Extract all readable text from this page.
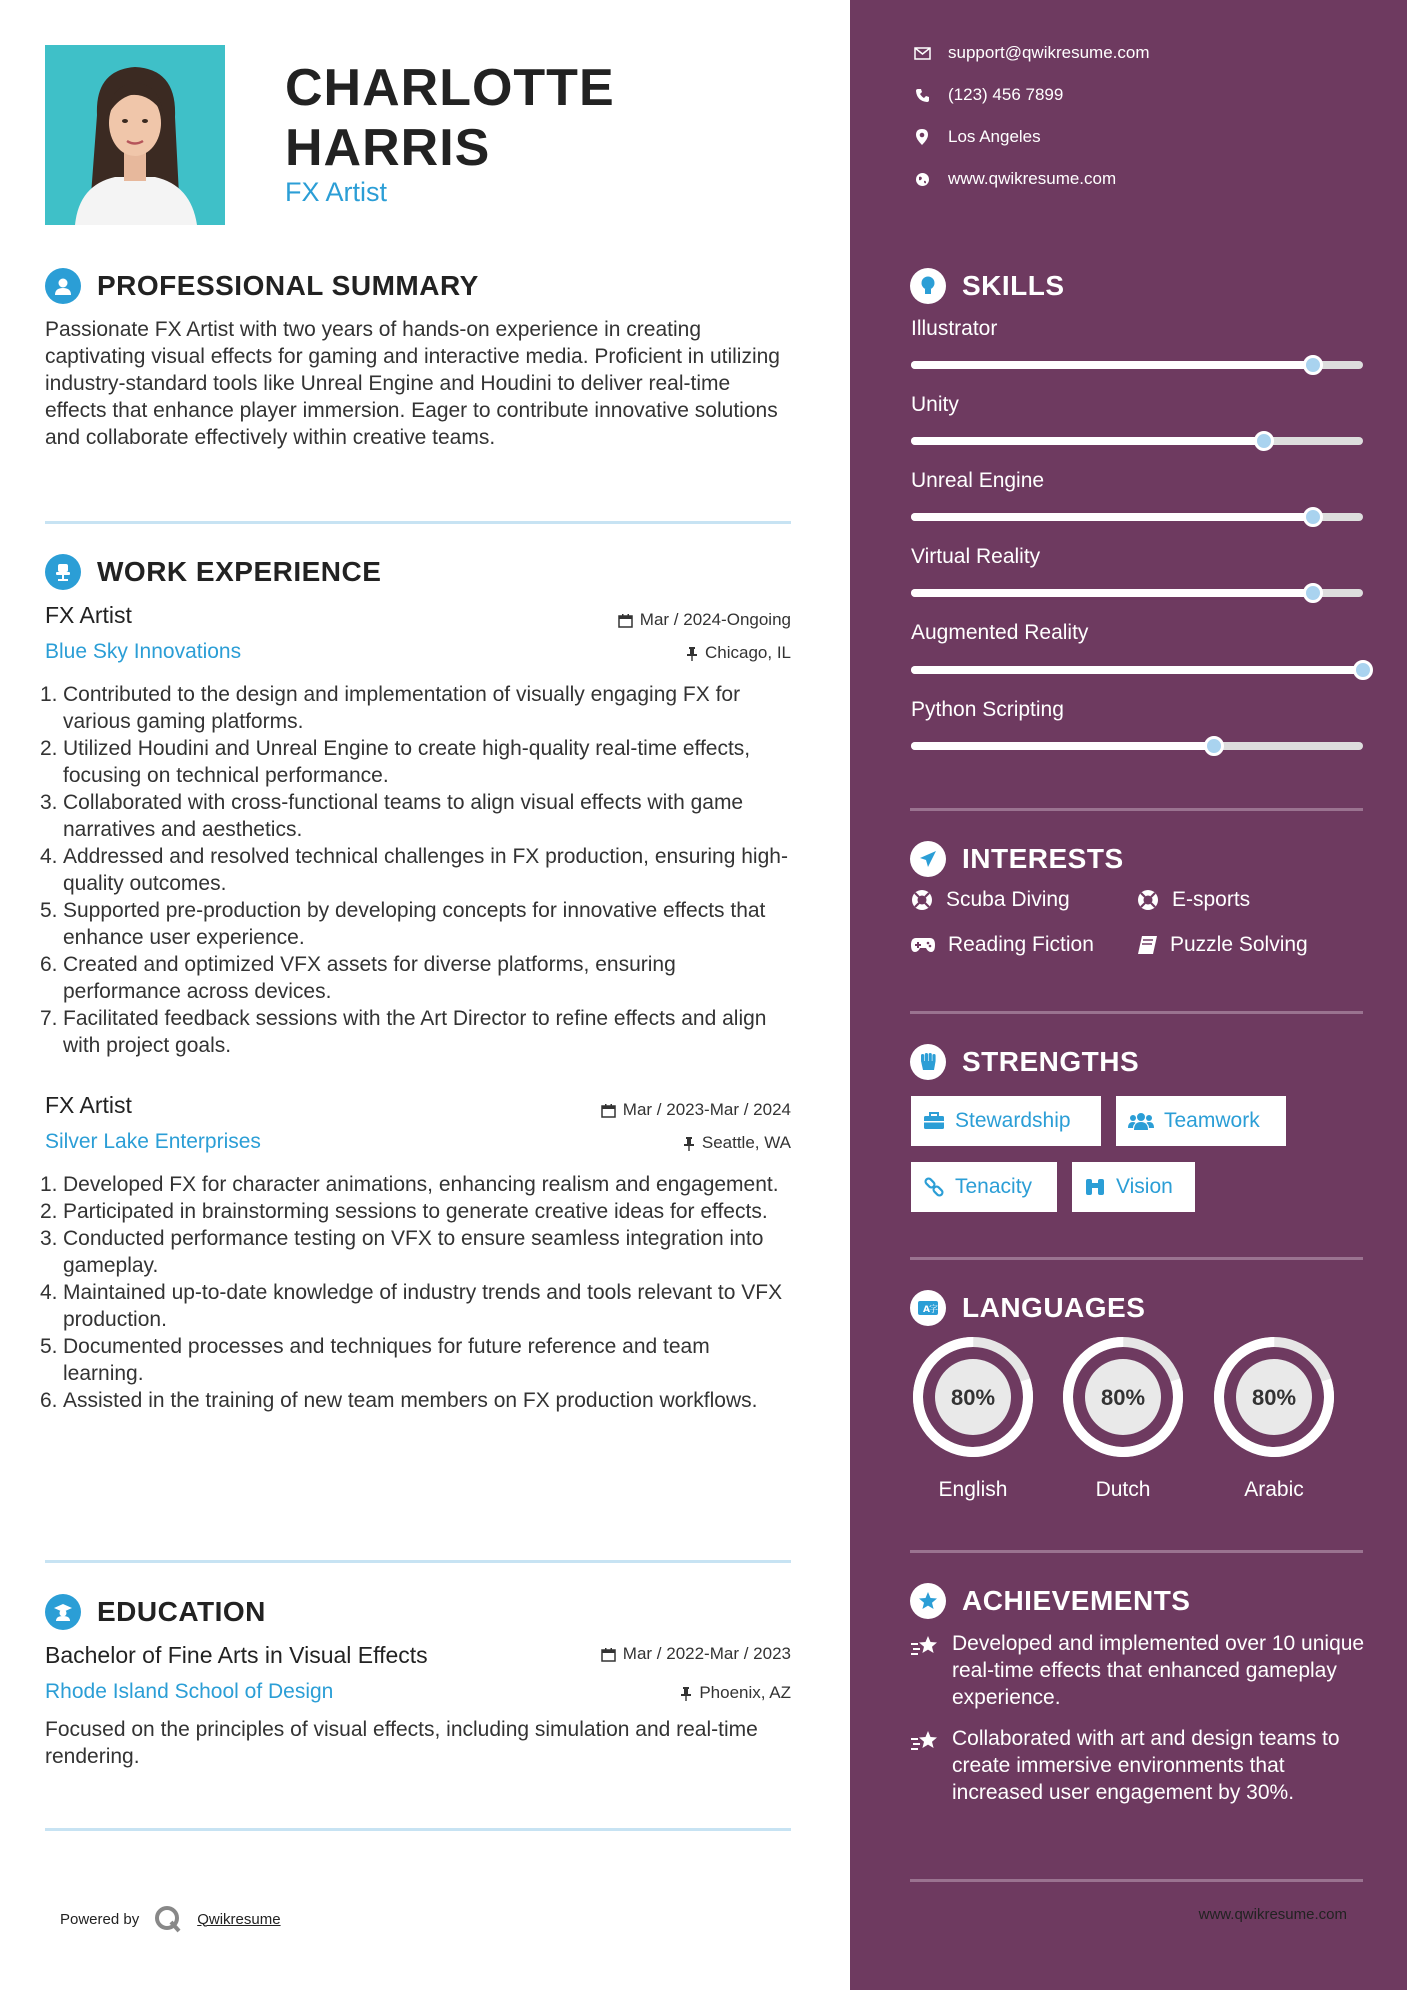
CHARLOTTE
HARRIS
FX Artist
PROFESSIONAL SUMMARY
Passionate FX Artist with two years of hands-on experience in creating captivating visual effects for gaming and interactive media. Proficient in utilizing industry-standard tools like Unreal Engine and Houdini to deliver real-time effects that enhance player immersion. Eager to contribute innovative solutions and collaborate effectively within creative teams.
WORK EXPERIENCE
FX Artist	Mar / 2024-Ongoing
Blue Sky Innovations	Chicago, IL
1. Contributed to the design and implementation of visually engaging FX for various gaming platforms.
2. Utilized Houdini and Unreal Engine to create high-quality real-time effects, focusing on technical performance.
3. Collaborated with cross-functional teams to align visual effects with game narratives and aesthetics.
4. Addressed and resolved technical challenges in FX production, ensuring high-quality outcomes.
5. Supported pre-production by developing concepts for innovative effects that enhance user experience.
6. Created and optimized VFX assets for diverse platforms, ensuring performance across devices.
7. Facilitated feedback sessions with the Art Director to refine effects and align with project goals.
FX Artist	Mar / 2023-Mar / 2024
Silver Lake Enterprises	Seattle, WA
1. Developed FX for character animations, enhancing realism and engagement.
2. Participated in brainstorming sessions to generate creative ideas for effects.
3. Conducted performance testing on VFX to ensure seamless integration into gameplay.
4. Maintained up-to-date knowledge of industry trends and tools relevant to VFX production.
5. Documented processes and techniques for future reference and team learning.
6. Assisted in the training of new team members on FX production workflows.
EDUCATION
Bachelor of Fine Arts in Visual Effects	Mar / 2022-Mar / 2023
Rhode Island School of Design	Phoenix, AZ
Focused on the principles of visual effects, including simulation and real-time rendering.
Powered by	Qwikresume
support@qwikresume.com
(123) 456 7899
Los Angeles
www.qwikresume.com
SKILLS
Illustrator
Unity
Unreal Engine
Virtual Reality
Augmented Reality
Python Scripting
INTERESTS
Scuba Diving	E-sports
Reading Fiction	Puzzle Solving
STRENGTHS
Stewardship	Teamwork
Tenacity	Vision
A 字 LANGUAGES
80%
English
80%
Dutch
80%
Arabic
ACHIEVEMENTS
Developed and implemented over 10 unique real-time effects that enhanced gameplay experience.
Collaborated with art and design teams to create immersive environments that increased user engagement by 30%.
www.qwikresume.com
